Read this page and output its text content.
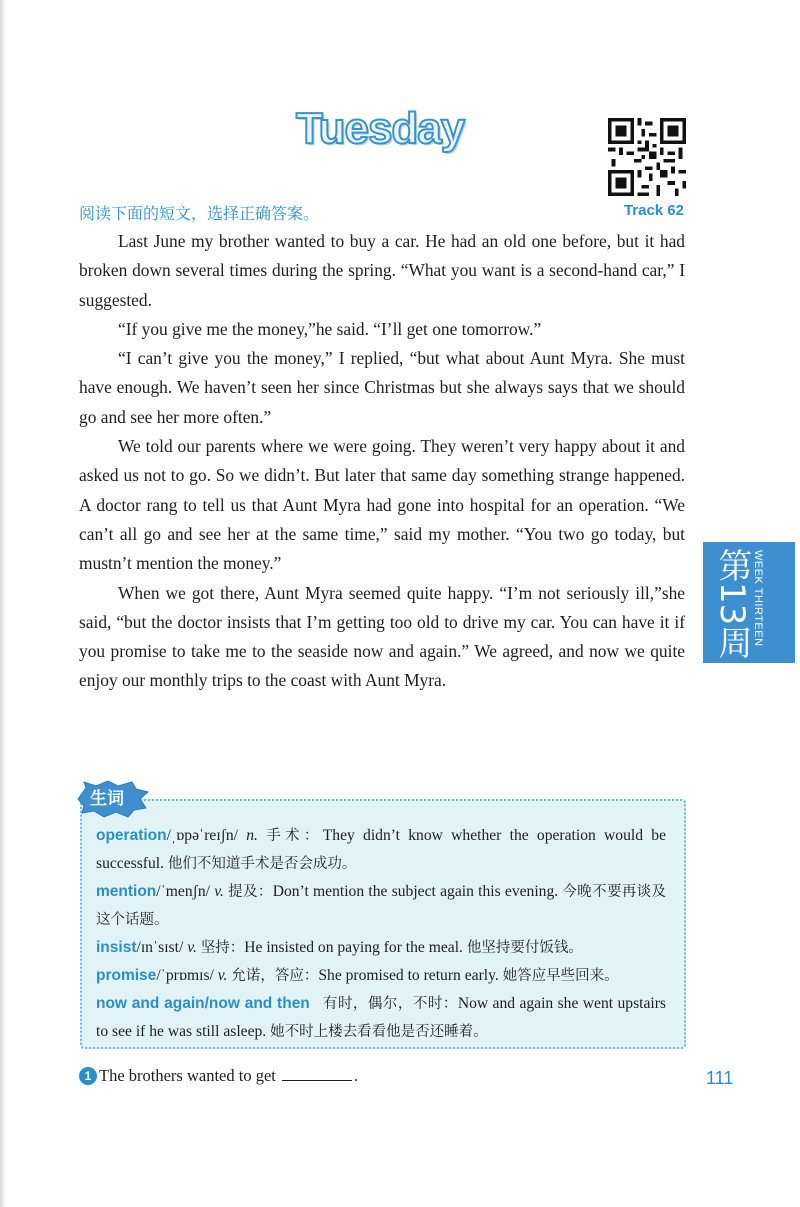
Tuesday
阅读下面的短文，选择正确答案。	Track 62

Last June my brother wanted to buy a car. He had an old one before, but it had broken down several times during the spring. “What you want is a second-hand car,” I suggested.

“If you give me the money,”he said. “I’ll get one tomorrow.”

“I can’t give you the money,” I replied, “but what about Aunt Myra. She must have enough. We haven’t seen her since Christmas but she always says that we should go and see her more often.”

We told our parents where we were going. They weren’t very happy about it and asked us not to go. So we didn’t. But later that same day something strange happened. A doctor rang to tell us that Aunt Myra had gone into hospital for an operation. “We can’t all go and see her at the same time,” said my mother. “You two go today, but mustn’t mention the money.”

When we got there, Aunt Myra seemed quite happy. “I’m not seriously ill,”she said, “but the doctor insists that I’m getting too old to drive my car. You can have it if you promise to take me to the seaside now and again.” We agreed, and now we quite enjoy our monthly trips to the coast with Aunt Myra.

第13周 WEEK THIRTEEN
生词

operation/ˌɒpəˈreɪʃn/ n. 手术：They didn’t know whether the operation would be successful. 他们不知道手术是否会成功。

mention/ˈmenʃn/ v. 提及：Don’t mention the subject again this evening. 今晚不要再谈及这个话题。

insist/ɪnˈsɪst/ v. 坚持：He insisted on paying for the meal. 他坚持要付饭钱。

promise/ˈprɒmɪs/ v. 允诺，答应：She promised to return early. 她答应早些回来。

now and again/now and then 有时，偶尔，不时：Now and again she went upstairs to see if he was still asleep. 她不时上楼去看看他是否还睡着。

1 The brothers wanted to get	.	111
